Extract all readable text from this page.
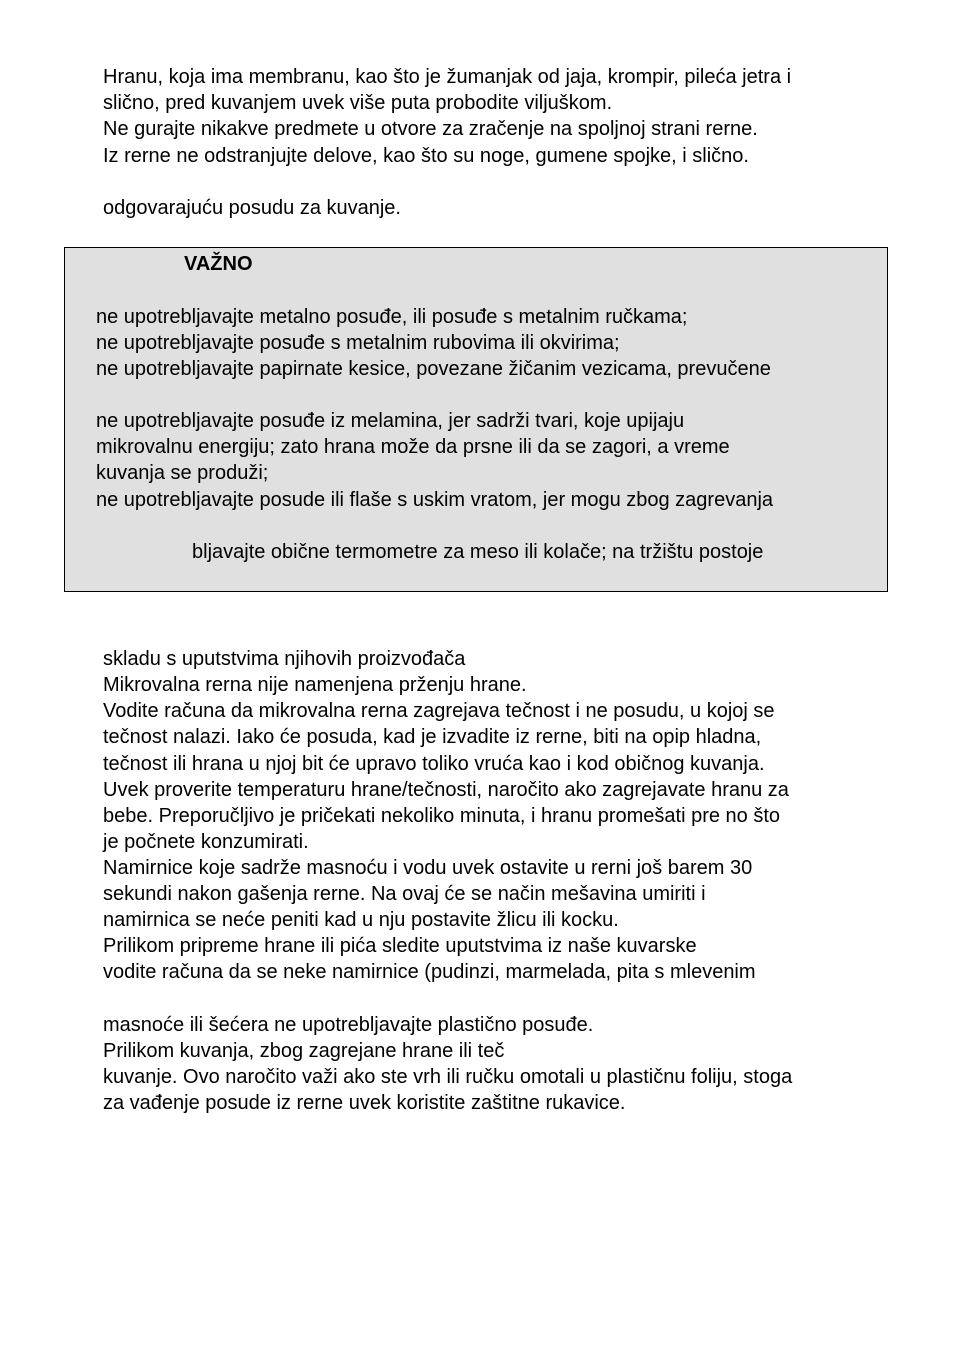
Hranu, koja ima membranu, kao što je žumanjak od jaja, krompir, pileća jetra i
slično, pred kuvanjem uvek više puta probodite viljuškom.
Ne gurajte nikakve predmete u otvore za zračenje na spoljnoj strani rerne.
Iz rerne ne odstranjujte delove, kao što su noge, gumene spojke, i slično.
odgovarajuću posudu za kuvanje.
VAŽNO
ne upotrebljavajte metalno posuđe, ili posuđe s metalnim ručkama;
ne upotrebljavajte posuđe s metalnim rubovima ili okvirima;
ne upotrebljavajte papirnate kesice, povezane žičanim vezicama, prevučene
ne upotrebljavajte posuđe iz melamina, jer sadrži tvari, koje upijaju
mikrovalnu energiju; zato hrana može da prsne ili da se zagori, a vreme
kuvanja se produži;
ne upotrebljavajte posude ili flaše s uskim vratom, jer mogu zbog zagrevanja
bljavajte obične termometre za meso ili kolače; na tržištu postoje
skladu s uputstvima njihovih proizvođača
Mikrovalna rerna nije namenjena prženju hrane.
Vodite računa da mikrovalna rerna zagrejava tečnost i ne posudu, u kojoj se
tečnost nalazi. Iako će posuda, kad je izvadite iz rerne, biti na opip hladna,
tečnost ili hrana u njoj bit će upravo toliko vruća kao i kod običnog kuvanja.
Uvek proverite temperaturu hrane/tečnosti, naročito ako zagrejavate hranu za
bebe. Preporučljivo je pričekati nekoliko minuta, i hranu promešati pre no što
je počnete konzumirati.
Namirnice koje sadrže masnoću i vodu uvek ostavite u rerni još barem 30
sekundi nakon gašenja rerne. Na ovaj će se način mešavina umiriti i
namirnica se neće peniti kad u nju postavite žlicu ili kocku.
Prilikom pripreme hrane ili pića sledite uputstvima iz naše kuvarske
vodite računa da se neke namirnice (pudinzi, marmelada, pita s mlevenim
masnoće ili šećera ne upotrebljavajte plastično posuđe.
Prilikom kuvanja, zbog zagrejane hrane ili teč
kuvanje. Ovo naročito važi ako ste vrh ili ručku omotali u plastičnu foliju, stoga
za vađenje posude iz rerne uvek koristite zaštitne rukavice.
